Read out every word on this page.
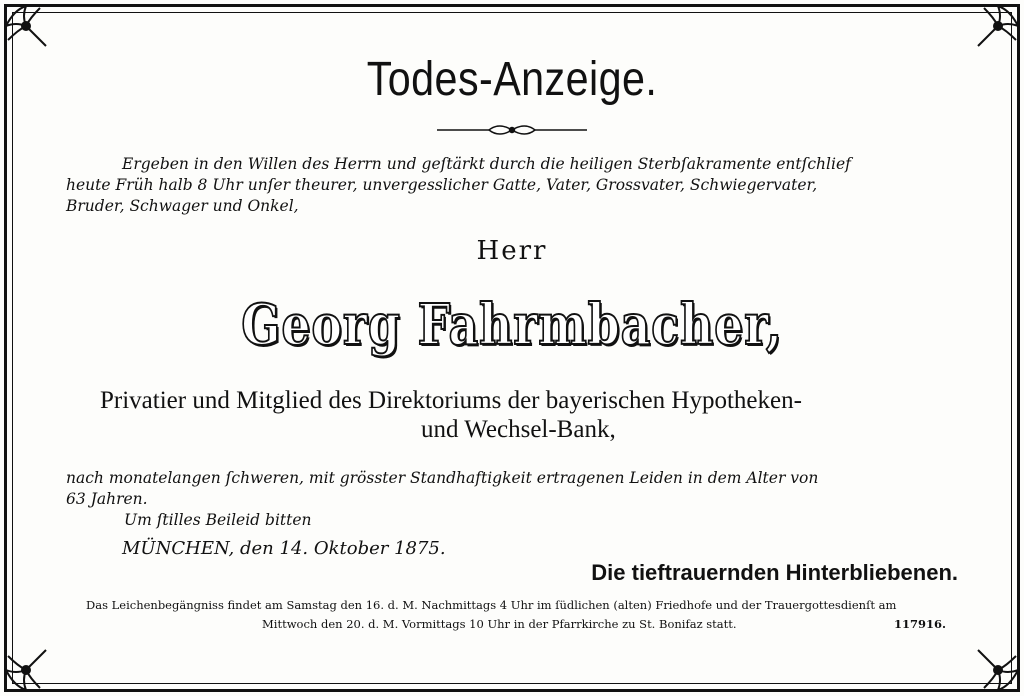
Todes-Anzeige.
Ergeben in den Willen des Herrn und geſtärkt durch die heiligen Sterbſakramente entſchlief
heute Früh halb 8 Uhr unſer theurer, unvergesslicher Gatte, Vater, Grossvater, Schwiegervater,
Bruder, Schwager und Onkel,
Herr
Georg Fahrmbacher,
Privatier und Mitglied des Direktoriums der bayerischen Hypotheken-
und Wechsel-Bank,
nach monatelangen ſchweren, mit grösster Standhaftigkeit ertragenen Leiden in dem Alter von
63 Jahren.
Um ſtilles Beileid bitten
MÜNCHEN, den 14. Oktober 1875.
Die tieftrauernden Hinterbliebenen.
Das Leichenbegängniss findet am Samstag den 16. d. M. Nachmittags 4 Uhr im ſüdlichen (alten) Friedhofe und der Trauergottesdienſt am
Mittwoch den 20. d. M. Vormittags 10 Uhr in der Pfarrkirche zu St. Bonifaz statt.	117916.
